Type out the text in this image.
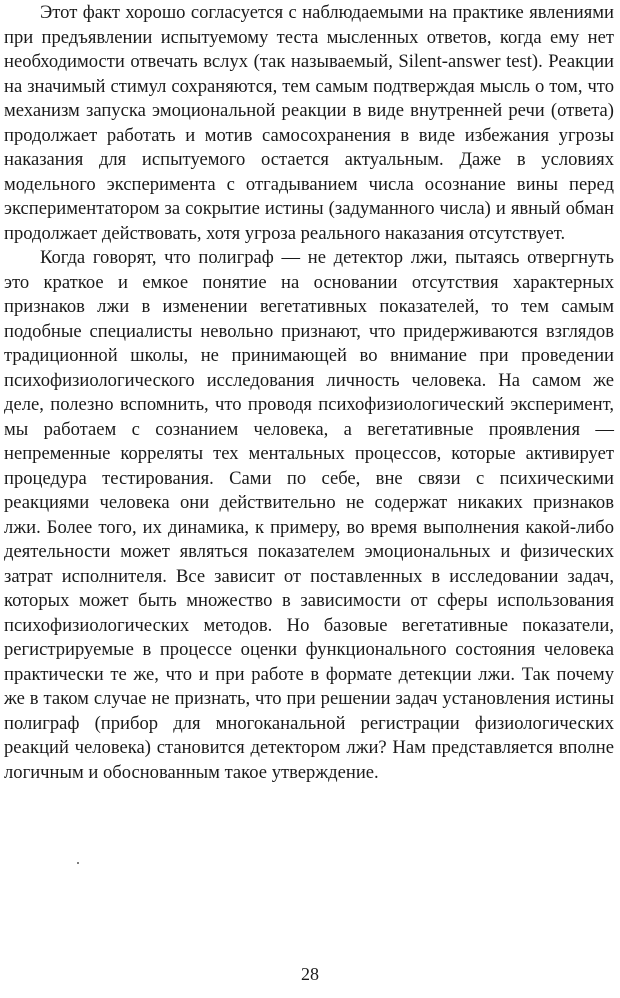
Этот факт хорошо согласуется с наблюдаемыми на практике явлениями при предъявлении испытуемому теста мысленных ответов, когда ему нет необходимости отвечать вслух (так называемый, Silent-answer test). Реакции на значимый стимул сохраняются, тем самым подтверждая мысль о том, что механизм запуска эмоциональной реакции в виде внутренней речи (ответа) продолжает работать и мотив самосохранения в виде избежания угрозы наказания для испытуемого остается актуальным. Даже в условиях модельного эксперимента с отгадыванием числа осознание вины перед экспериментатором за сокрытие истины (задуманного числа) и явный обман продолжает действовать, хотя угроза реального наказания отсутствует.

Когда говорят, что полиграф — не детектор лжи, пытаясь отвергнуть это краткое и емкое понятие на основании отсутствия характерных признаков лжи в изменении вегетативных показателей, то тем самым подобные специалисты невольно признают, что придерживаются взглядов традиционной школы, не принимающей во внимание при проведении психофизиологического исследования личность человека. На самом же деле, полезно вспомнить, что проводя психофизиологический эксперимент, мы работаем с сознанием человека, а вегетативные проявления — непременные корреляты тех ментальных процессов, которые активирует процедура тестирования. Сами по себе, вне связи с психическими реакциями человека они действительно не содержат никаких признаков лжи. Более того, их динамика, к примеру, во время выполнения какой-либо деятельности может являться показателем эмоциональных и физических затрат исполнителя. Все зависит от поставленных в исследовании задач, которых может быть множество в зависимости от сферы использования психофизиологических методов. Но базовые вегетативные показатели, регистрируемые в процессе оценки функционального состояния человека практически те же, что и при работе в формате детекции лжи. Так почему же в таком случае не признать, что при решении задач установления истины полиграф (прибор для многоканальной регистрации физиологических реакций человека) становится детектором лжи? Нам представляется вполне логичным и обоснованным такое утверждение.

28
